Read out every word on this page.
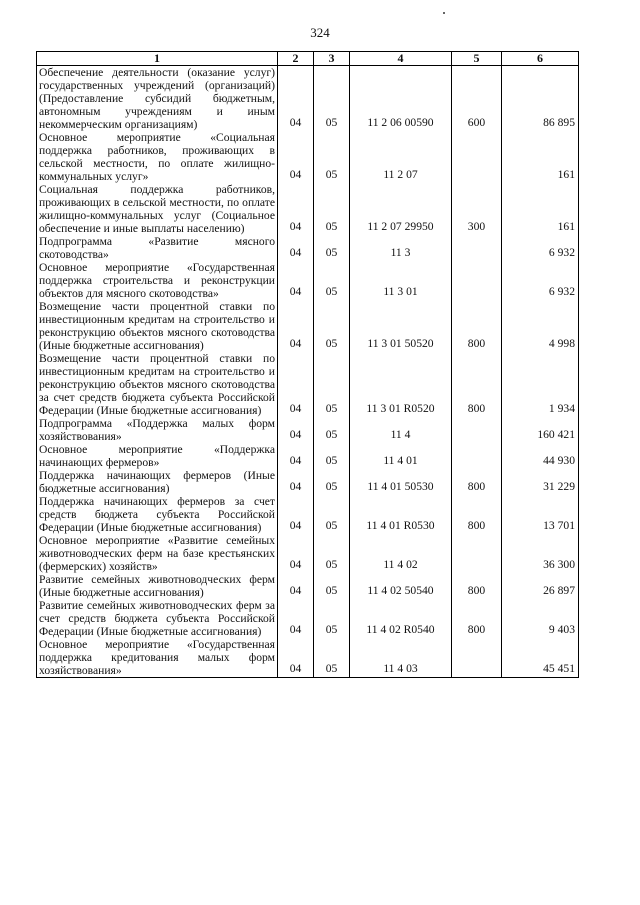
324
1	2	3	4	5	6
Обеспечение деятельности (оказание услуг) государственных учреждений (организаций) (Предоставление субсидий бюджетным, автономным учреждениям и иным некоммерческим организациям)	04	05	11 2 06 00590	600	86 895
Основное мероприятие «Социальная поддержка работников, проживающих в сельской местности, по оплате жилищно-коммунальных услуг»	04	05	11 2 07		161
Социальная поддержка работников, проживающих в сельской местности, по оплате жилищно-коммунальных услуг (Социальное обеспечение и иные выплаты населению)	04	05	11 2 07 29950	300	161
Подпрограмма «Развитие мясного скотоводства»	04	05	11 3		6 932
Основное мероприятие «Государственная поддержка строительства и реконструкции объектов для мясного скотоводства»	04	05	11 3 01		6 932
Возмещение части процентной ставки по инвестиционным кредитам на строительство и реконструкцию объектов мясного скотоводства (Иные бюджетные ассигнования)	04	05	11 3 01 50520	800	4 998
Возмещение части процентной ставки по инвестиционным кредитам на строительство и реконструкцию объектов мясного скотоводства за счет средств бюджета субъекта Российской Федерации (Иные бюджетные ассигнования)	04	05	11 3 01 R0520	800	1 934
Подпрограмма «Поддержка малых форм хозяйствования»	04	05	11 4		160 421
Основное мероприятие «Поддержка начинающих фермеров»	04	05	11 4 01		44 930
Поддержка начинающих фермеров (Иные бюджетные ассигнования)	04	05	11 4 01 50530	800	31 229
Поддержка начинающих фермеров за счет средств бюджета субъекта Российской Федерации (Иные бюджетные ассигнования)	04	05	11 4 01 R0530	800	13 701
Основное мероприятие «Развитие семейных животноводческих ферм на базе крестьянских (фермерских) хозяйств»	04	05	11 4 02		36 300
Развитие семейных животноводческих ферм (Иные бюджетные ассигнования)	04	05	11 4 02 50540	800	26 897
Развитие семейных животноводческих ферм за счет средств бюджета субъекта Российской Федерации (Иные бюджетные ассигнования)	04	05	11 4 02 R0540	800	9 403
Основное мероприятие «Государственная поддержка кредитования малых форм хозяйствования»	04	05	11 4 03		45 451
